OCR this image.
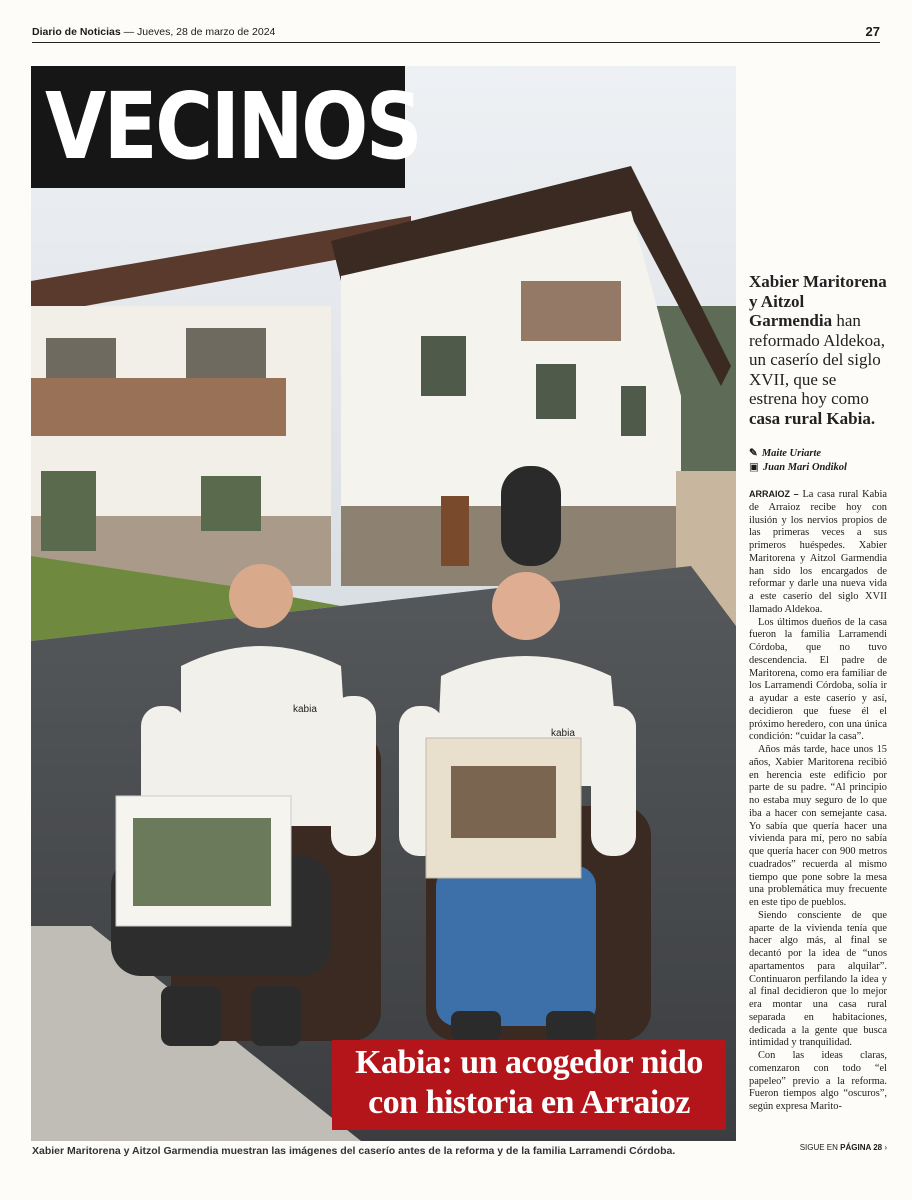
Diario de Noticias — Jueves, 28 de marzo de 2024	27
kabia
kabia
VECINOS
Kabia: un acogedor nido
con historia en Arraioz
Xabier Maritorena y Aitzol Garmendia muestran las imágenes del caserío antes de la reforma y de la familia Larramendi Córdoba.
Xabier Maritorena y Aitzol Garmendia han reformado Aldekoa, un caserío del siglo XVII, que se estrena hoy como casa rural Kabia.
✎ Maite Uriarte
▣ Juan Mari Ondikol

ARRAIOZ – La casa rural Kabia de Arraioz recibe hoy con ilusión y los nervios propios de las primeras veces a sus primeros huéspedes. Xabier Maritorena y Aitzol Garmendia han sido los encargados de reformar y darle una nueva vida a este caserío del siglo XVII llamado Aldekoa.

Los últimos dueños de la casa fueron la familia Larramendi Córdoba, que no tuvo descendencia. El padre de Maritorena, como era familiar de los Larramendi Córdoba, solía ir a ayudar a este caserío y así, decidieron que fuese él el próximo heredero, con una única condición: “cuidar la casa”.

Años más tarde, hace unos 15 años, Xabier Maritorena recibió en herencia este edificio por parte de su padre. “Al principio no estaba muy seguro de lo que iba a hacer con semejante casa. Yo sabía que quería hacer una vivienda para mí, pero no sabía que quería hacer con 900 metros cuadrados” recuerda al mismo tiempo que pone sobre la mesa una problemática muy frecuente en este tipo de pueblos.

Siendo consciente de que aparte de la vivienda tenía que hacer algo más, al final se decantó por la idea de “unos apartamentos para alquilar”. Continuaron perfilando la idea y al final decidieron que lo mejor era montar una casa rural separada en habitaciones, dedicada a la gente que busca intimidad y tranquilidad.

Con las ideas claras, comenzaron con todo “el papeleo” previo a la reforma. Fueron tiempos algo “oscuros”, según expresa Marito-

SIGUE EN PÁGINA 28 ›
